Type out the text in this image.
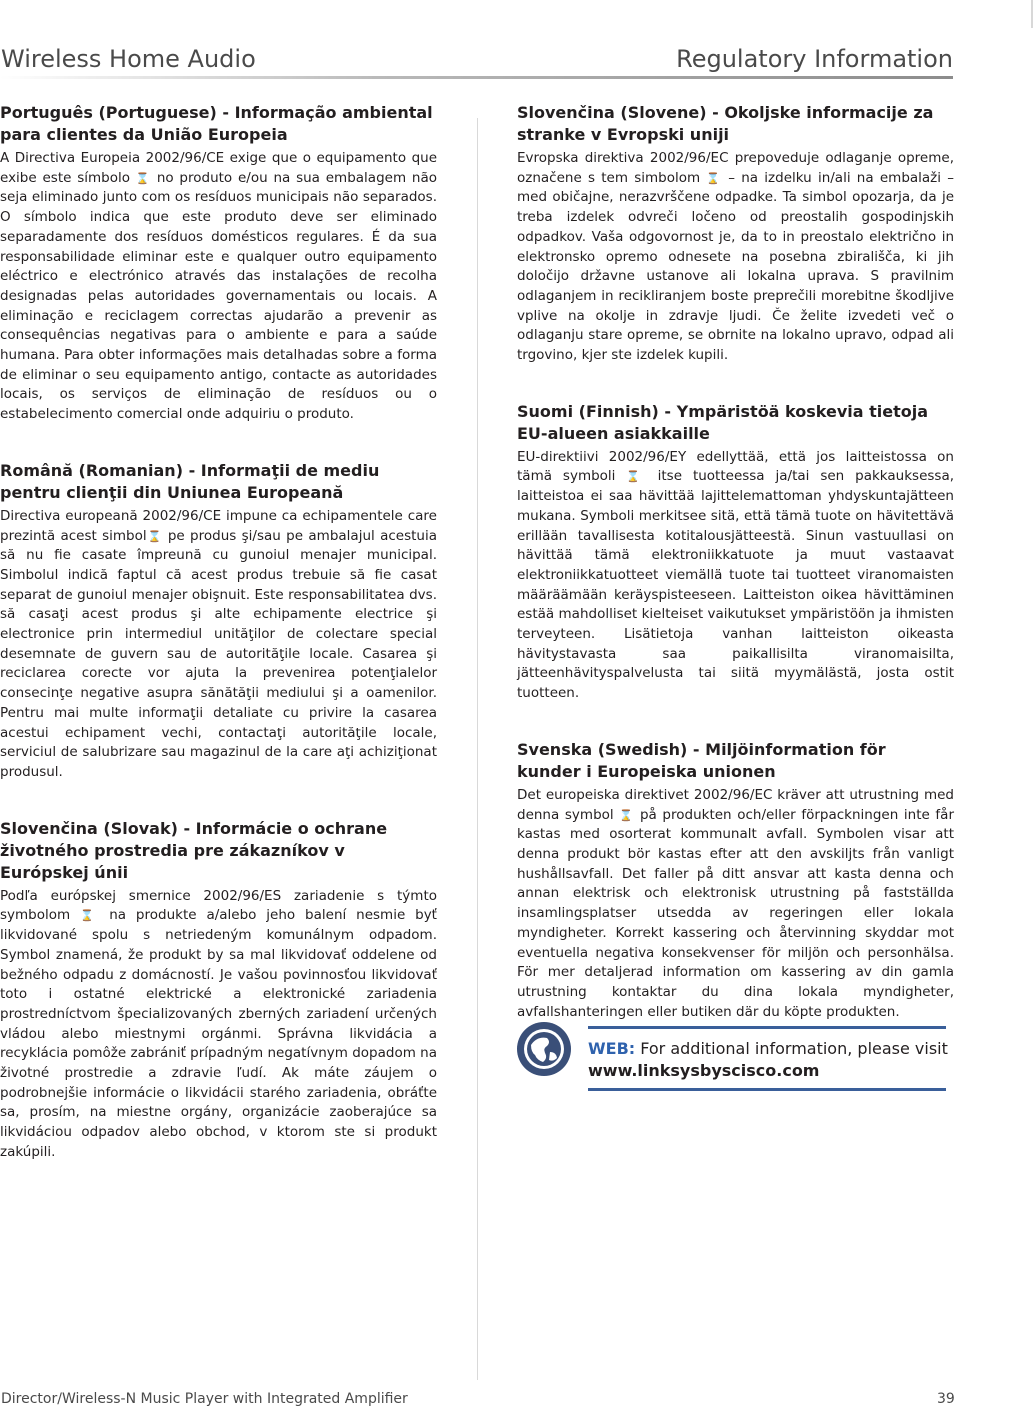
Wireless Home Audio	Regulatory Information
Português (Portuguese) - Informação ambiental para clientes da União Europeia

A Directiva Europeia 2002/96/CE exige que o equipamento que exibe este símbolo ⌛ no produto e/ou na sua embalagem não seja eliminado junto com os resíduos municipais não separados. O símbolo indica que este produto deve ser eliminado separadamente dos resíduos domésticos regulares. É da sua responsabilidade eliminar este e qualquer outro equipamento eléctrico e electrónico através das instalações de recolha designadas pelas autoridades governamentais ou locais. A eliminação e reciclagem correctas ajudarão a prevenir as consequências negativas para o ambiente e para a saúde humana. Para obter informações mais detalhadas sobre a forma de eliminar o seu equipamento antigo, contacte as autoridades locais, os serviços de eliminação de resíduos ou o estabelecimento comercial onde adquiriu o produto.

Română (Romanian) - Informaţii de mediu pentru clienţii din Uniunea Europeană

Directiva europeană 2002/96/CE impune ca echipamentele care prezintă acest simbol⌛ pe produs şi/sau pe ambalajul acestuia să nu fie casate împreună cu gunoiul menajer municipal. Simbolul indică faptul că acest produs trebuie să fie casat separat de gunoiul menajer obişnuit. Este responsabilitatea dvs. să casaţi acest produs şi alte echipamente electrice şi electronice prin intermediul unităţilor de colectare special desemnate de guvern sau de autorităţile locale. Casarea şi reciclarea corecte vor ajuta la prevenirea potenţialelor consecinţe negative asupra sănătăţii mediului şi a oamenilor. Pentru mai multe informaţii detaliate cu privire la casarea acestui echipament vechi, contactaţi autorităţile locale, serviciul de salubrizare sau magazinul de la care aţi achiziţionat produsul.

Slovenčina (Slovak) - Informácie o ochrane životného prostredia pre zákazníkov v Európskej únii

Podľa európskej smernice 2002/96/ES zariadenie s týmto symbolom ⌛ na produkte a/alebo jeho balení nesmie byť likvidované spolu s netriedeným komunálnym odpadom. Symbol znamená, že produkt by sa mal likvidovať oddelene od bežného odpadu z domácností. Je vašou povinnosťou likvidovať toto i ostatné elektrické a elektronické zariadenia prostredníctvom špecializovaných zberných zariadení určených vládou alebo miestnymi orgánmi. Správna likvidácia a recyklácia pomôže zabrániť prípadným negatívnym dopadom na životné prostredie a zdravie ľudí. Ak máte záujem o podrobnejšie informácie o likvidácii starého zariadenia, obráťte sa, prosím, na miestne orgány, organizácie zaoberajúce sa likvidáciou odpadov alebo obchod, v ktorom ste si produkt zakúpili.

Slovenčina (Slovene) - Okoljske informacije za stranke v Evropski uniji

Evropska direktiva 2002/96/EC prepoveduje odlaganje opreme, označene s tem simbolom ⌛ – na izdelku in/ali na embalaži – med običajne, nerazvrščene odpadke. Ta simbol opozarja, da je treba izdelek odvreči ločeno od preostalih gospodinjskih odpadkov. Vaša odgovornost je, da to in preostalo električno in elektronsko opremo odnesete na posebna zbirališča, ki jih določijo državne ustanove ali lokalna uprava. S pravilnim odlaganjem in recikliranjem boste preprečili morebitne škodljive vplive na okolje in zdravje ljudi. Če želite izvedeti več o odlaganju stare opreme, se obrnite na lokalno upravo, odpad ali trgovino, kjer ste izdelek kupili.

Suomi (Finnish) - Ympäristöä koskevia tietoja EU-alueen asiakkaille

EU-direktiivi 2002/96/EY edellyttää, että jos laitteistossa on tämä symboli ⌛ itse tuotteessa ja/tai sen pakkauksessa, laitteistoa ei saa hävittää lajittelemattoman yhdyskuntajätteen mukana. Symboli merkitsee sitä, että tämä tuote on hävitettävä erillään tavallisesta kotitalousjätteestä. Sinun vastuullasi on hävittää tämä elektroniikkatuote ja muut vastaavat elektroniikkatuotteet viemällä tuote tai tuotteet viranomaisten määräämään keräyspisteeseen. Laitteiston oikea hävittäminen estää mahdolliset kielteiset vaikutukset ympäristöön ja ihmisten terveyteen. Lisätietoja vanhan laitteiston oikeasta hävitystavasta saa paikallisilta viranomaisilta, jätteenhävityspalvelusta tai siitä myymälästä, josta ostit tuotteen.

Svenska (Swedish) - Miljöinformation för kunder i Europeiska unionen

Det europeiska direktivet 2002/96/EC kräver att utrustning med denna symbol ⌛ på produkten och/eller förpackningen inte får kastas med osorterat kommunalt avfall. Symbolen visar att denna produkt bör kastas efter att den avskiljts från vanligt hushållsavfall. Det faller på ditt ansvar att kasta denna och annan elektrisk och elektronisk utrustning på fastställda insamlingsplatser utsedda av regeringen eller lokala myndigheter. Korrekt kassering och återvinning skyddar mot eventuella negativa konsekvenser för miljön och personhälsa. För mer detaljerad information om kassering av din gamla utrustning kontaktar du dina lokala myndigheter, avfallshanteringen eller butiken där du köpte produkten.

WEB: For additional information, please visit www.linksysbyscisco.com
Director/Wireless-N Music Player with Integrated Amplifier	39
